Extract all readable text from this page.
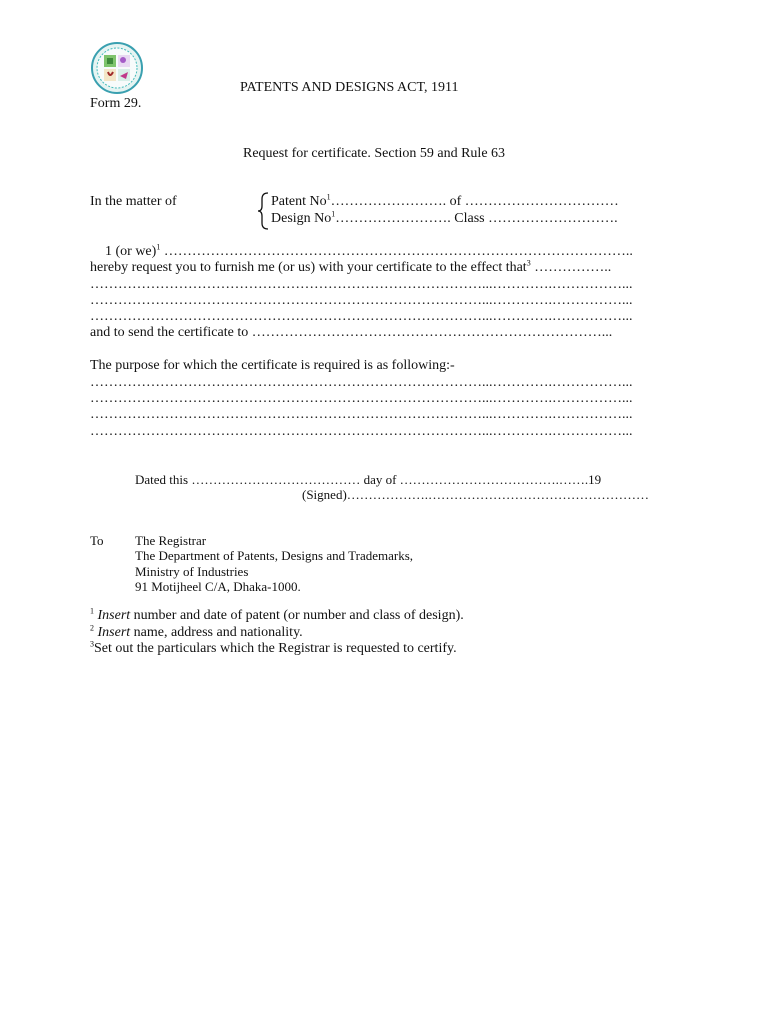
PATENTS AND DESIGNS ACT, 1911
Form 29.
Request for certificate. Section 59 and Rule 63
In the matter of	Patent No$^1$……………………. of ……………………………
Design No$^1$……………………. Class ……………………….
1 (or we)$^1$ ………………………………………………………………………………………..
hereby request you to furnish me (or us) with your certificate to the effect that$^3$ ……………..
…………………………………………………………………………...………….……………...
…………………………………………………………………………...………….……………...
…………………………………………………………………………...………….……………...
and to send the certificate to …………………………………………………………………...
The purpose for which the certificate is required is as following:-
…………………………………………………………………………...………….……………...
…………………………………………………………………………...………….……………...
…………………………………………………………………………...………….……………...
…………………………………………………………………………...………….……………...
Dated this ………………………………… day of ……………………………….…….19
(Signed)……………….……………………………………………
To The Registrar
The Department of Patents, Designs and Trademarks,
Ministry of Industries
91 Motijheel C/A, Dhaka-1000.
$^1$ Insert number and date of patent (or number and class of design).
$^2$ Insert name, address and nationality.
$^3$Set out the particulars which the Registrar is requested to certify.
